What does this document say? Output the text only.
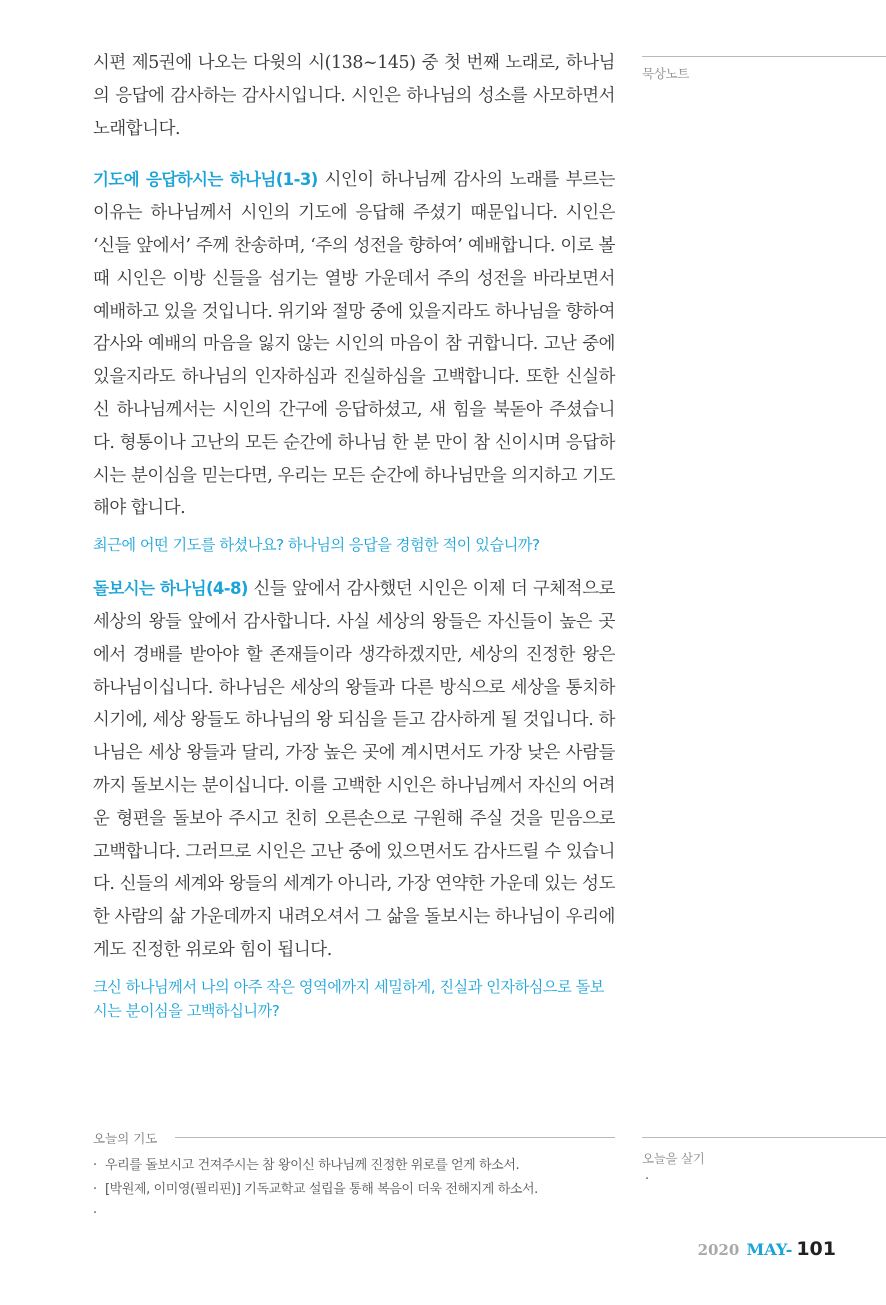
시편 제5권에 나오는 다윗의 시(138~145) 중 첫 번째 노래로, 하나님의 응답에 감사하는 감사시입니다. 시인은 하나님의 성소를 사모하면서 노래합니다.

기도에 응답하시는 하나님(1-3) 시인이 하나님께 감사의 노래를 부르는 이유는 하나님께서 시인의 기도에 응답해 주셨기 때문입니다. 시인은 ‘신들 앞에서’ 주께 찬송하며, ‘주의 성전을 향하여’ 예배합니다. 이로 볼 때 시인은 이방 신들을 섬기는 열방 가운데서 주의 성전을 바라보면서 예배하고 있을 것입니다. 위기와 절망 중에 있을지라도 하나님을 향하여 감사와 예배의 마음을 잃지 않는 시인의 마음이 참 귀합니다. 고난 중에 있을지라도 하나님의 인자하심과 진실하심을 고백합니다. 또한 신실하신 하나님께서는 시인의 간구에 응답하셨고, 새 힘을 북돋아 주셨습니다. 형통이나 고난의 모든 순간에 하나님 한 분 만이 참 신이시며 응답하시는 분이심을 믿는다면, 우리는 모든 순간에 하나님만을 의지하고 기도해야 합니다.

최근에 어떤 기도를 하셨나요? 하나님의 응답을 경험한 적이 있습니까?

돌보시는 하나님(4-8) 신들 앞에서 감사했던 시인은 이제 더 구체적으로 세상의 왕들 앞에서 감사합니다. 사실 세상의 왕들은 자신들이 높은 곳에서 경배를 받아야 할 존재들이라 생각하겠지만, 세상의 진정한 왕은 하나님이십니다. 하나님은 세상의 왕들과 다른 방식으로 세상을 통치하시기에, 세상 왕들도 하나님의 왕 되심을 듣고 감사하게 될 것입니다. 하나님은 세상 왕들과 달리, 가장 높은 곳에 계시면서도 가장 낮은 사람들까지 돌보시는 분이십니다. 이를 고백한 시인은 하나님께서 자신의 어려운 형편을 돌보아 주시고 친히 오른손으로 구원해 주실 것을 믿음으로 고백합니다. 그러므로 시인은 고난 중에 있으면서도 감사드릴 수 있습니다. 신들의 세계와 왕들의 세계가 아니라, 가장 연약한 가운데 있는 성도 한 사람의 삶 가운데까지 내려오셔서 그 삶을 돌보시는 하나님이 우리에게도 진정한 위로와 힘이 됩니다.

크신 하나님께서 나의 아주 작은 영역에까지 세밀하게, 진실과 인자하심으로 돌보시는 분이심을 고백하십니까?

묵상노트
오늘의 기도
· 우리를 돌보시고 건져주시는 참 왕이신 하나님께 진정한 위로를 얻게 하소서.
· [박원제, 이미영(필리핀)] 기독교학교 설립을 통해 복음이 더욱 전해지게 하소서.
·
오늘을 살기
·
2020 MAY- 101
